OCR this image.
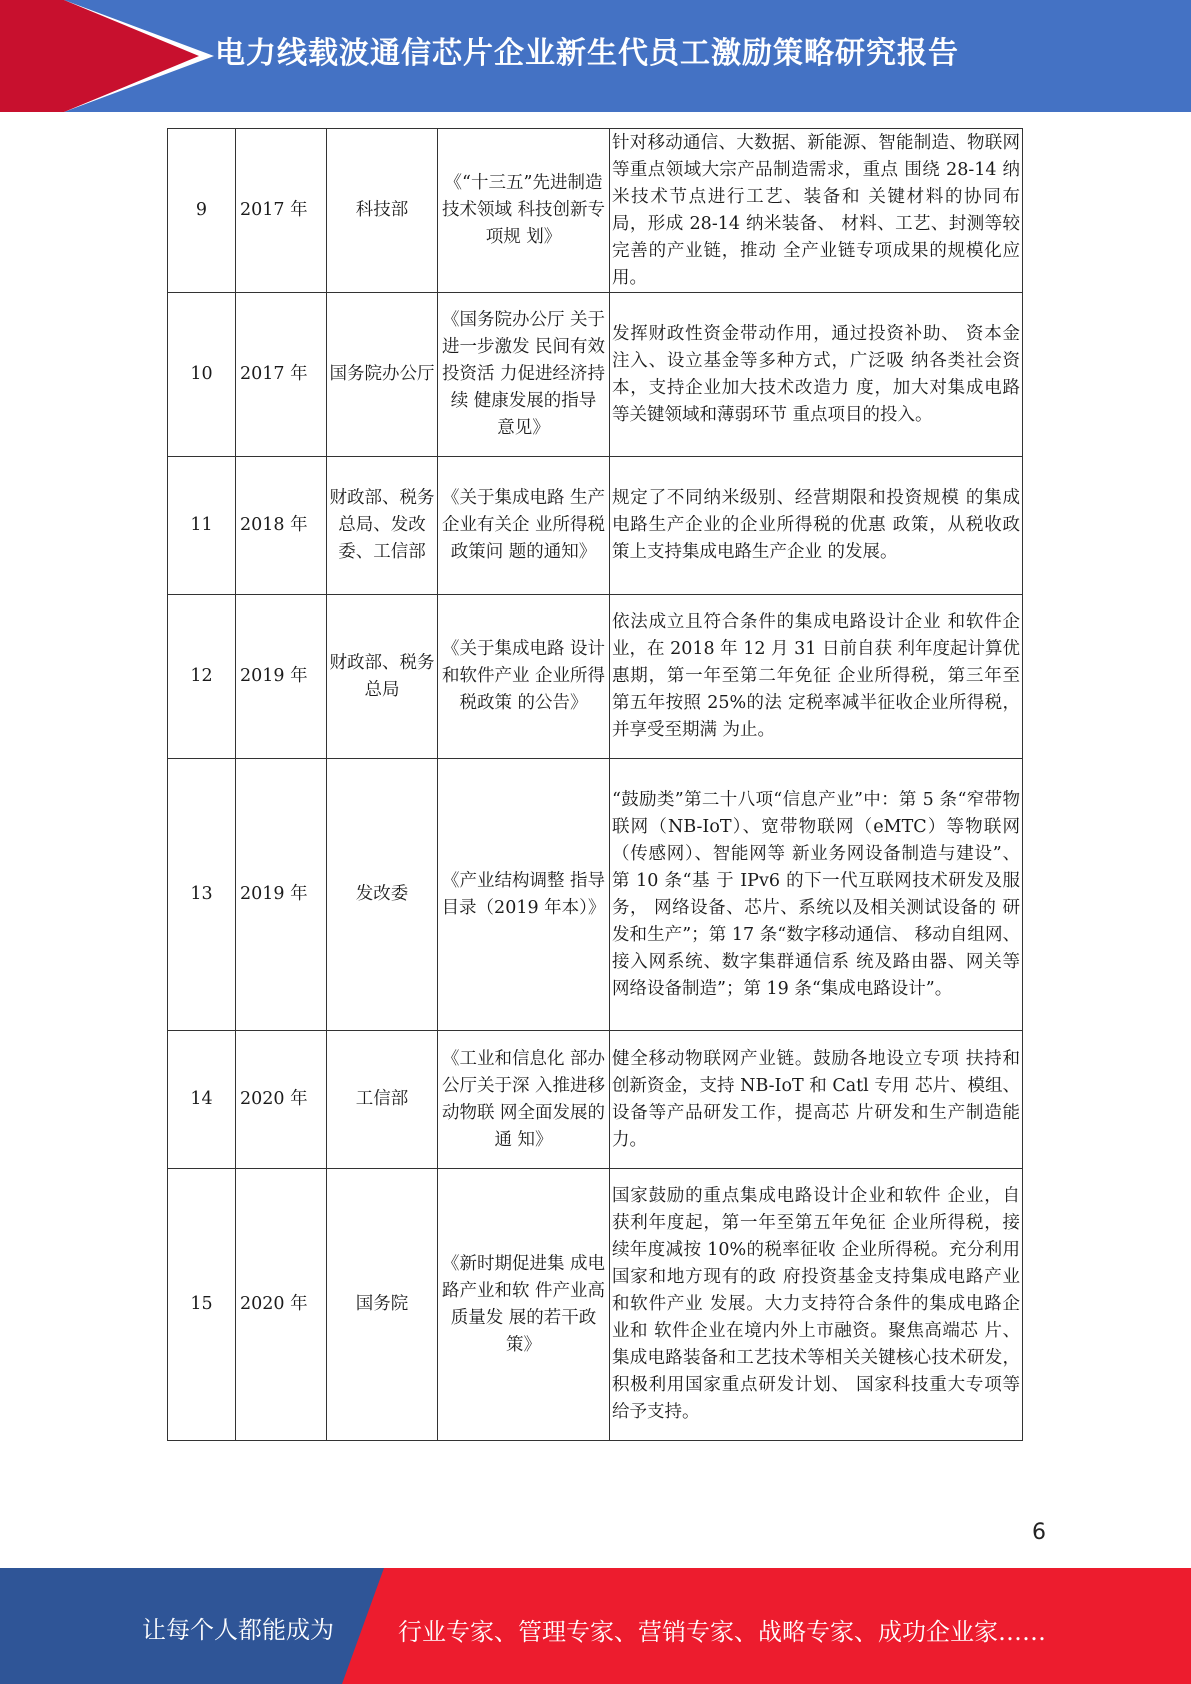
电力线载波通信芯片企业新生代员工激励策略研究报告
9	2017 年	科技部	《“十三五”先进制造技术领域 科技创新专项规 划》	针对移动通信、大数据、新能源、智能制造、物联网等重点领域大宗产品制造需求，重点 围绕 28-14 纳米技术节点进行工艺、装备和 关键材料的协同布局，形成 28-14 纳米装备、 材料、工艺、封测等较完善的产业链，推动 全产业链专项成果的规模化应用。
10	2017 年	国务院办公厅	《国务院办公厅 关于进一步激发 民间有效投资活 力促进经济持续 健康发展的指导 意见》	发挥财政性资金带动作用，通过投资补助、 资本金注入、设立基金等多种方式，广泛吸 纳各类社会资本，支持企业加大技术改造力 度，加大对集成电路等关键领域和薄弱环节 重点项目的投入。
11	2018 年	财政部、税务总局、发改委、工信部	《关于集成电路 生产企业有关企 业所得税政策问 题的通知》	规定了不同纳米级别、经营期限和投资规模 的集成电路生产企业的企业所得税的优惠 政策，从税收政策上支持集成电路生产企业 的发展。
12	2019 年	财政部、税务总局	《关于集成电路 设计和软件产业 企业所得税政策 的公告》	依法成立且符合条件的集成电路设计企业 和软件企业，在 2018 年 12 月 31 日前自获 利年度起计算优惠期，第一年至第二年免征 企业所得税，第三年至第五年按照 25%的法 定税率减半征收企业所得税，并享受至期满 为止。
13	2019 年	发改委	《产业结构调整 指导目录（2019 年本）》	“鼓励类”第二十八项“信息产业”中：第 5 条“窄带物联网（NB-IoT）、宽带物联网（eMTC）等物联网（传感网）、智能网等 新业务网设备制造与建设”、第 10 条“基 于 IPv6 的下一代互联网技术研发及服务， 网络设备、芯片、系统以及相关测试设备的 研发和生产”；第 17 条“数字移动通信、 移动自组网、接入网系统、数字集群通信系 统及路由器、网关等网络设备制造”；第 19 条“集成电路设计”。
14	2020 年	工信部	《工业和信息化 部办公厅关于深 入推进移动物联 网全面发展的通 知》	健全移动物联网产业链。鼓励各地设立专项 扶持和创新资金，支持 NB-IoT 和 Catl 专用 芯片、模组、设备等产品研发工作，提高芯 片研发和生产制造能力。
15	2020 年	国务院	《新时期促进集 成电路产业和软 件产业高质量发 展的若干政策》	国家鼓励的重点集成电路设计企业和软件 企业，自获利年度起，第一年至第五年免征 企业所得税，接续年度减按 10%的税率征收 企业所得税。充分利用国家和地方现有的政 府投资基金支持集成电路产业和软件产业 发展。大力支持符合条件的集成电路企业和 软件企业在境内外上市融资。聚焦高端芯 片、集成电路装备和工艺技术等相关关键核心技术研发，积极利用国家重点研发计划、 国家科技重大专项等给予支持。
6
让每个人都能成为	行业专家、管理专家、营销专家、战略专家、成功企业家……
